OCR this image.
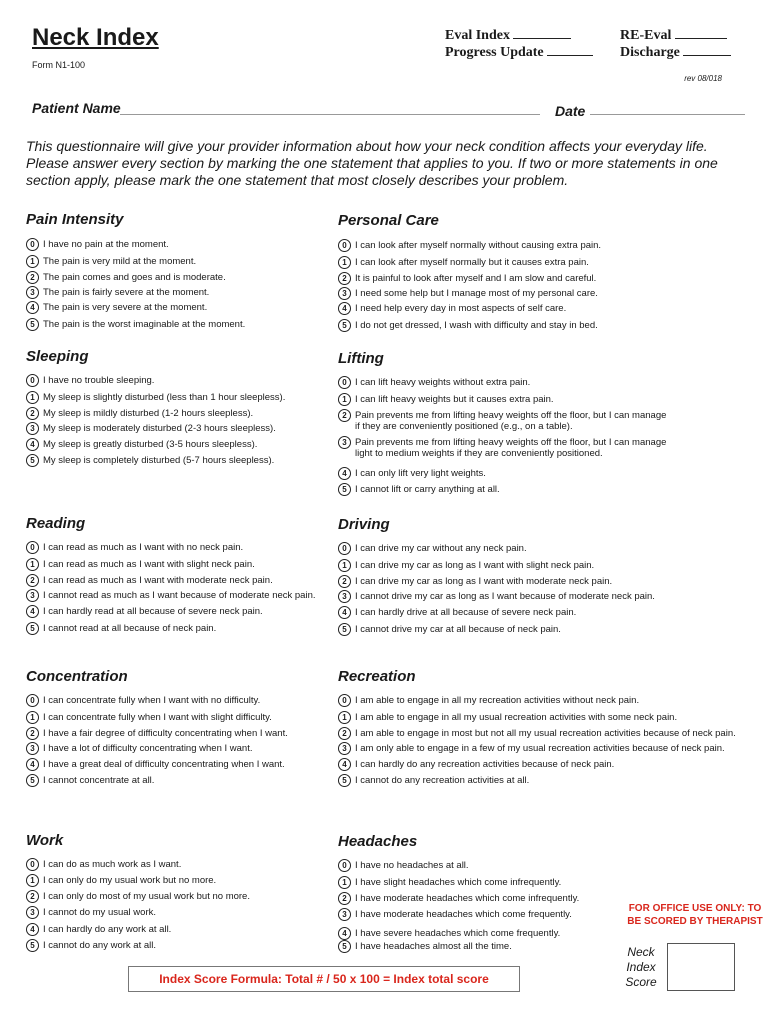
Neck Index
Form N1-100
rev 08/018
Eval Index
Progress Update
RE-Eval
Discharge
Patient Name	Date
This questionnaire will give your provider information about how your neck condition affects your everyday life. Please answer every section by marking the one statement that applies to you. If two or more statements in one section apply, please mark the one statement that most closely describes your problem.
Pain Intensity
0 I have no pain at the moment.
1 The pain is very mild at the moment.
2 The pain comes and goes and is moderate.
3 The pain is fairly severe at the moment.
4 The pain is very severe at the moment.
5 The pain is the worst imaginable at the moment.
Personal Care
0 I can look after myself normally without causing extra pain.
1 I can look after myself normally but it causes extra pain.
2 It is painful to look after myself and I am slow and careful.
3 I need some help but I manage most of my personal care.
4 I need help every day in most aspects of self care.
5 I do not get dressed, I wash with difficulty and stay in bed.
Sleeping
0 I have no trouble sleeping.
1 My sleep is slightly disturbed (less than 1 hour sleepless).
2 My sleep is mildly disturbed (1-2 hours sleepless).
3 My sleep is moderately disturbed (2-3 hours sleepless).
4 My sleep is greatly disturbed (3-5 hours sleepless).
5 My sleep is completely disturbed (5-7 hours sleepless).
Lifting
0 I can lift heavy weights without extra pain.
1 I can lift heavy weights but it causes extra pain.
2 Pain prevents me from lifting heavy weights off the floor, but I can manage if they are conveniently positioned (e.g., on a table).
3 Pain prevents me from lifting heavy weights off the floor, but I can manage light to medium weights if they are conveniently positioned.
4 I can only lift very light weights.
5 I cannot lift or carry anything at all.
Reading
0 I can read as much as I want with no neck pain.
1 I can read as much as I want with slight neck pain.
2 I can read as much as I want with moderate neck pain.
3 I cannot read as much as I want because of moderate neck pain.
4 I can hardly read at all because of severe neck pain.
5 I cannot read at all because of neck pain.
Driving
0 I can drive my car without any neck pain.
1 I can drive my car as long as I want with slight neck pain.
2 I can drive my car as long as I want with moderate neck pain.
3 I cannot drive my car as long as I want because of moderate neck pain.
4 I can hardly drive at all because of severe neck pain.
5 I cannot drive my car at all because of neck pain.
Concentration
0 I can concentrate fully when I want with no difficulty.
1 I can concentrate fully when I want with slight difficulty.
2 I have a fair degree of difficulty concentrating when I want.
3 I have a lot of difficulty concentrating when I want.
4 I have a great deal of difficulty concentrating when I want.
5 I cannot concentrate at all.
Recreation
0 I am able to engage in all my recreation activities without neck pain.
1 I am able to engage in all my usual recreation activities with some neck pain.
2 I am able to engage in most but not all my usual recreation activities because of neck pain.
3 I am only able to engage in a few of my usual recreation activities because of neck pain.
4 I can hardly do any recreation activities because of neck pain.
5 I cannot do any recreation activities at all.
Work
0 I can do as much work as I want.
1 I can only do my usual work but no more.
2 I can only do most of my usual work but no more.
3 I cannot do my usual work.
4 I can hardly do any work at all.
5 I cannot do any work at all.
Headaches
0 I have no headaches at all.
1 I have slight headaches which come infrequently.
2 I have moderate headaches which come infrequently.
3 I have moderate headaches which come frequently.
4 I have severe headaches which come frequently.
5 I have headaches almost all the time.
FOR OFFICE USE ONLY: TO BE SCORED BY THERAPIST
Neck Index Score
Index Score Formula: Total # / 50 x 100 = Index total score
